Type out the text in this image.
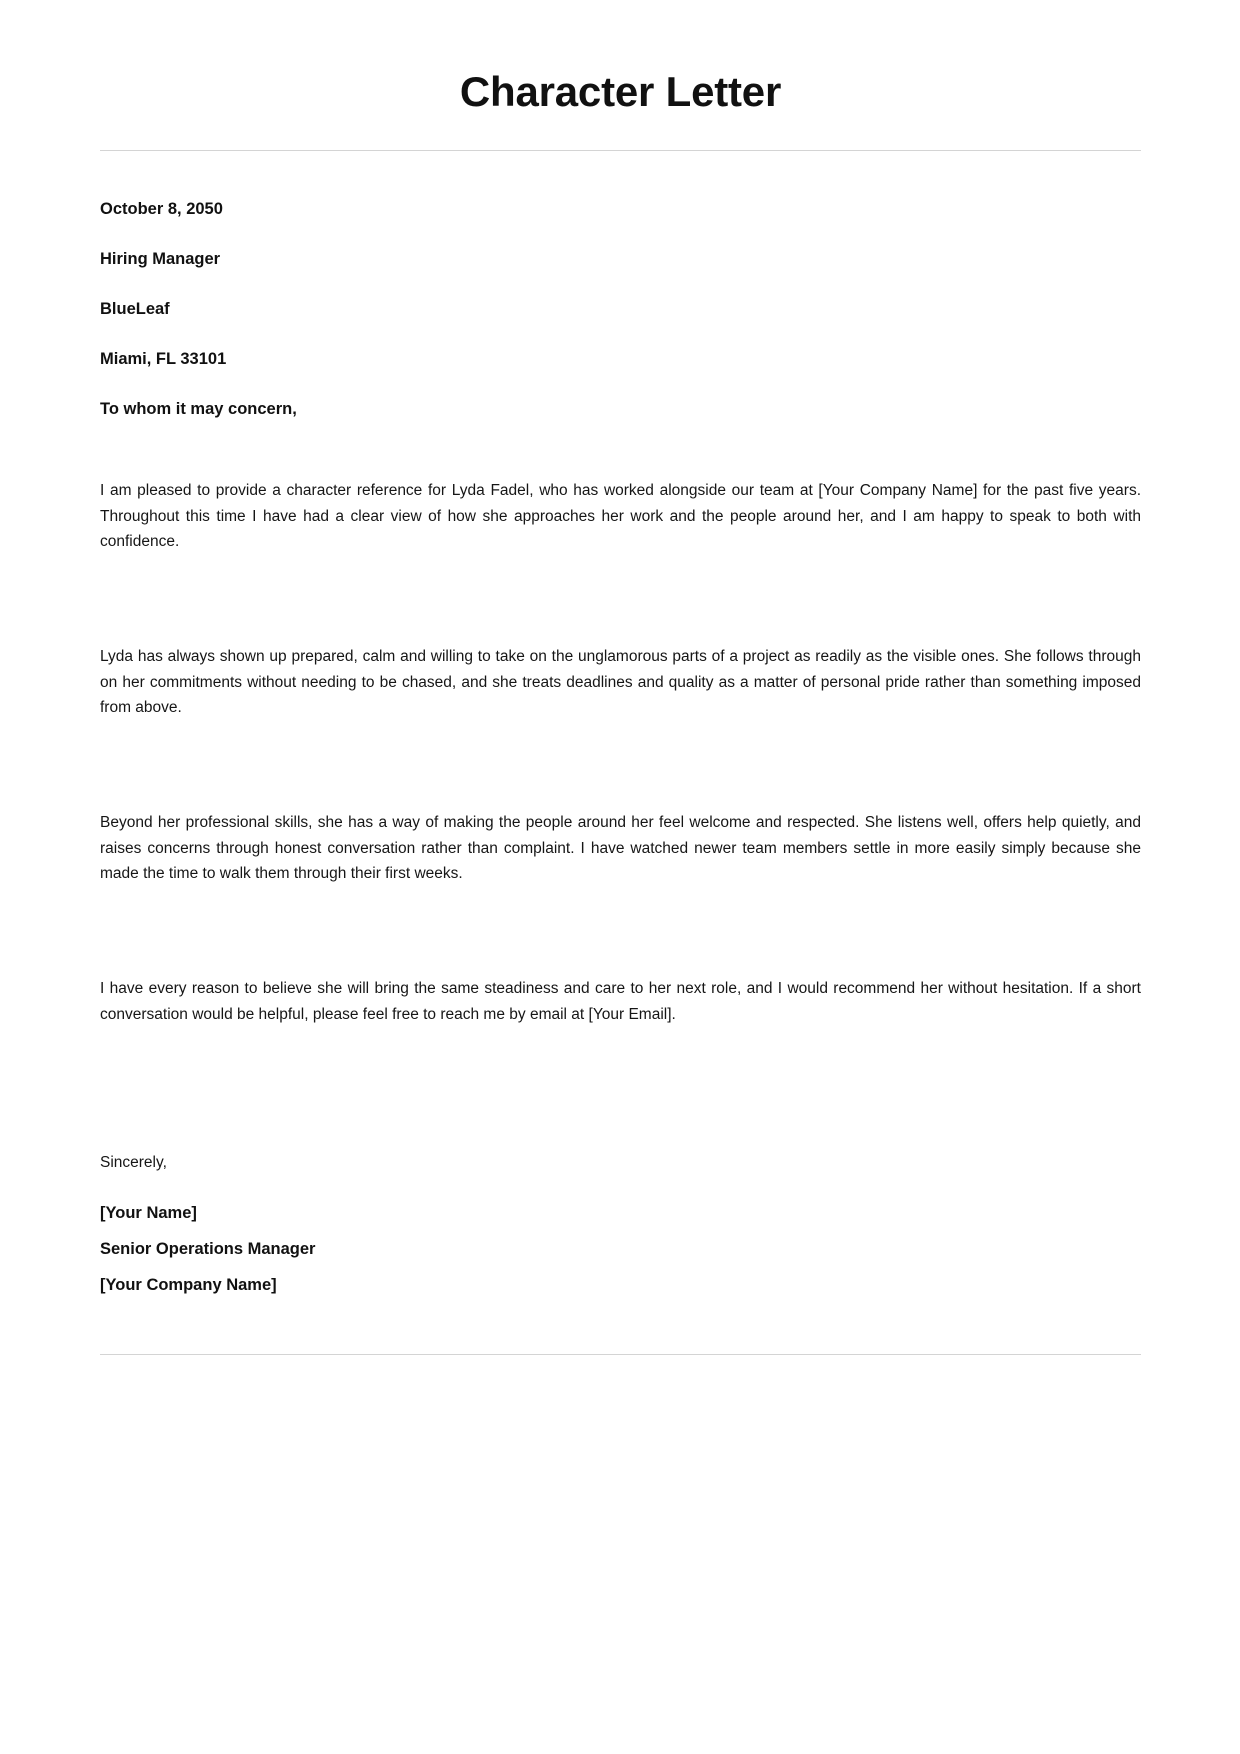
Character Letter

October 8, 2050

Hiring Manager

BlueLeaf

Miami, FL 33101

To whom it may concern,

I am pleased to provide a character reference for Lyda Fadel, who has worked alongside our team at [Your Company Name] for the past five years. Throughout this time I have had a clear view of how she approaches her work and the people around her, and I am happy to speak to both with confidence.

Lyda has always shown up prepared, calm and willing to take on the unglamorous parts of a project as readily as the visible ones. She follows through on her commitments without needing to be chased, and she treats deadlines and quality as a matter of personal pride rather than something imposed from above.

Beyond her professional skills, she has a way of making the people around her feel welcome and respected. She listens well, offers help quietly, and raises concerns through honest conversation rather than complaint. I have watched newer team members settle in more easily simply because she made the time to walk them through their first weeks.

I have every reason to believe she will bring the same steadiness and care to her next role, and I would recommend her without hesitation. If a short conversation would be helpful, please feel free to reach me by email at [Your Email].

Sincerely,

[Your Name]

Senior Operations Manager

[Your Company Name]
